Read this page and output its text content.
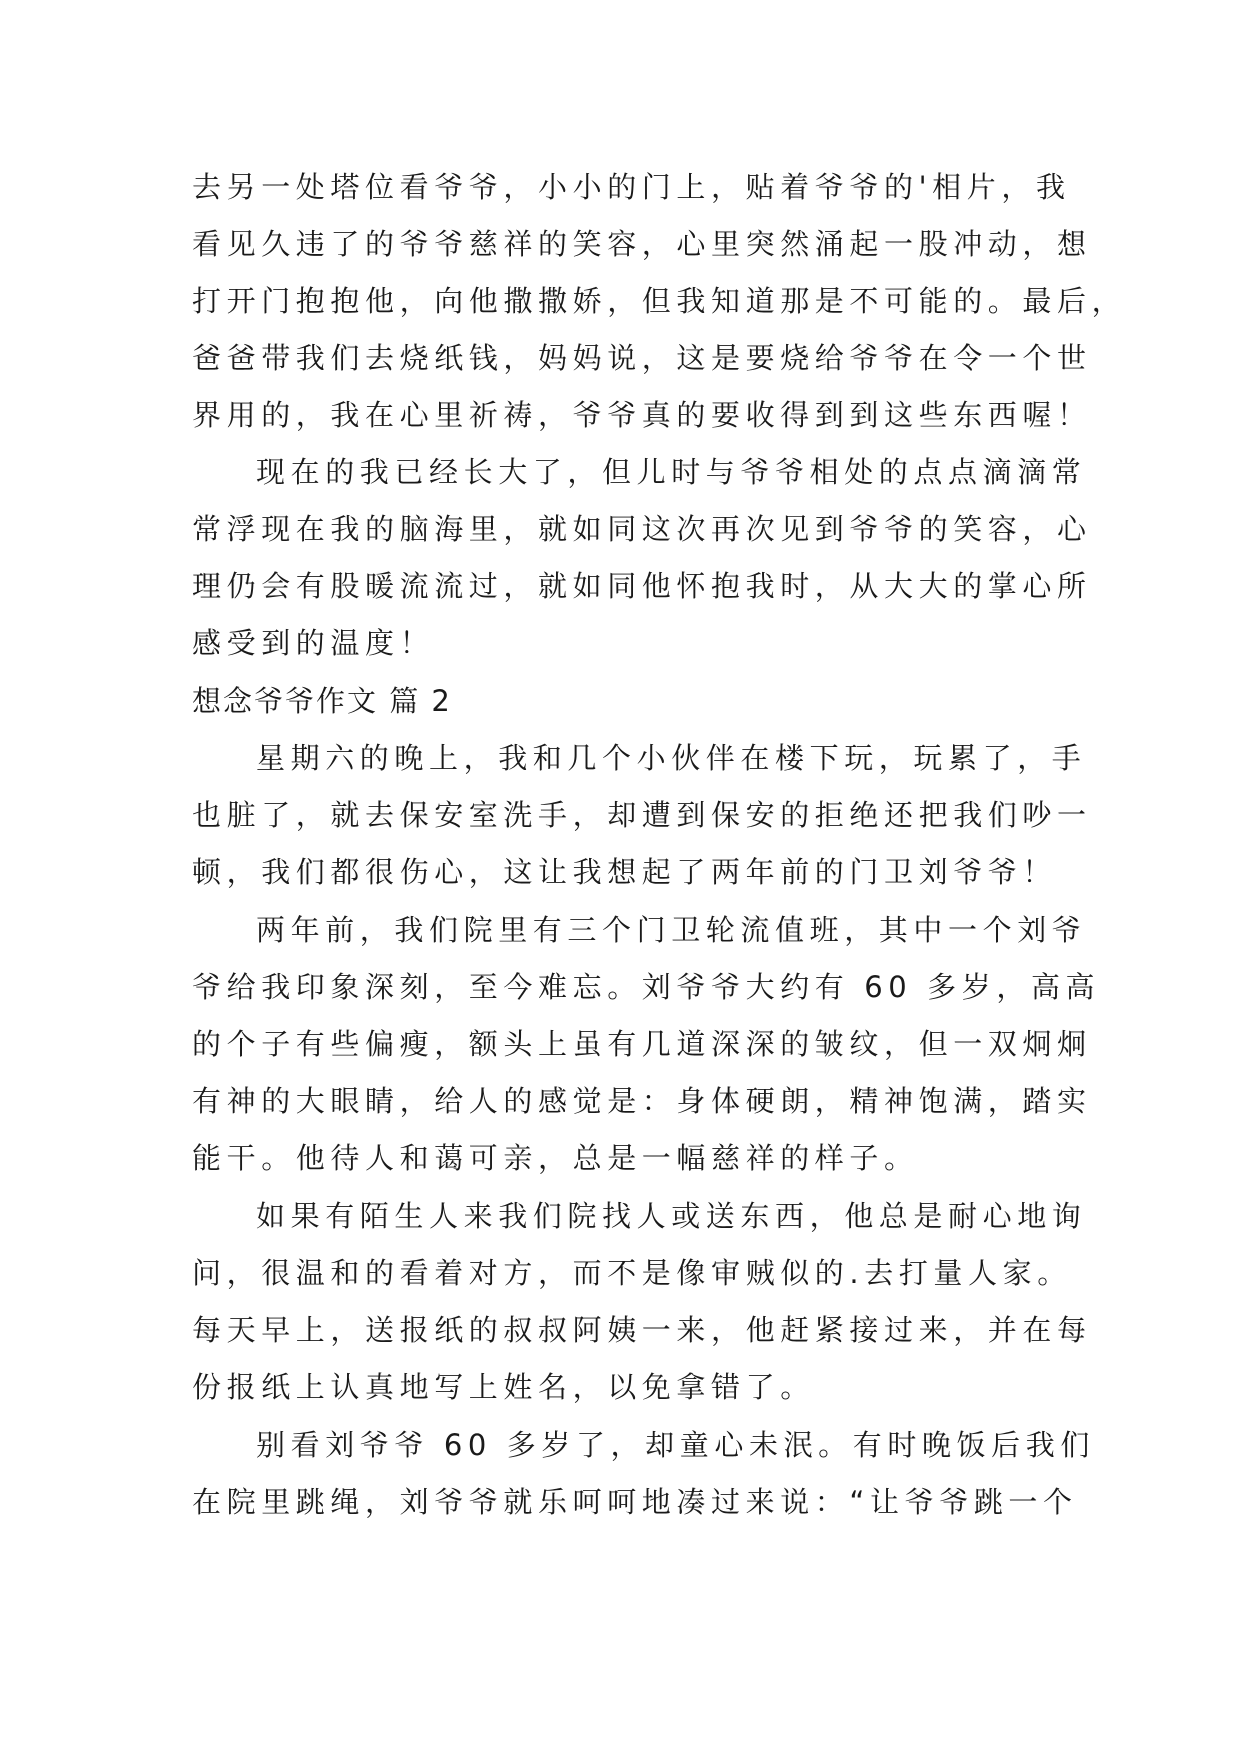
去另一处塔位看爷爷，小小的门上，贴着爷爷的'相片，我
看见久违了的爷爷慈祥的笑容，心里突然涌起一股冲动，想
打开门抱抱他，向他撒撒娇，但我知道那是不可能的。最后，
爸爸带我们去烧纸钱，妈妈说，这是要烧给爷爷在令一个世
界用的，我在心里祈祷，爷爷真的要收得到到这些东西喔！
现在的我已经长大了，但儿时与爷爷相处的点点滴滴常
常浮现在我的脑海里，就如同这次再次见到爷爷的笑容，心
理仍会有股暖流流过，就如同他怀抱我时，从大大的掌心所
感受到的温度！
想念爷爷作文 篇 2
星期六的晚上，我和几个小伙伴在楼下玩，玩累了，手
也脏了，就去保安室洗手，却遭到保安的拒绝还把我们吵一
顿，我们都很伤心，这让我想起了两年前的门卫刘爷爷！
两年前，我们院里有三个门卫轮流值班，其中一个刘爷
爷给我印象深刻，至今难忘。刘爷爷大约有 60 多岁，高高
的个子有些偏瘦，额头上虽有几道深深的皱纹，但一双炯炯
有神的大眼睛，给人的感觉是：身体硬朗，精神饱满，踏实
能干。他待人和蔼可亲，总是一幅慈祥的样子。
如果有陌生人来我们院找人或送东西，他总是耐心地询
问，很温和的看着对方，而不是像审贼似的.去打量人家。
每天早上，送报纸的叔叔阿姨一来，他赶紧接过来，并在每
份报纸上认真地写上姓名，以免拿错了。
别看刘爷爷 60 多岁了，却童心未泯。有时晚饭后我们
在院里跳绳，刘爷爷就乐呵呵地凑过来说：“让爷爷跳一个
